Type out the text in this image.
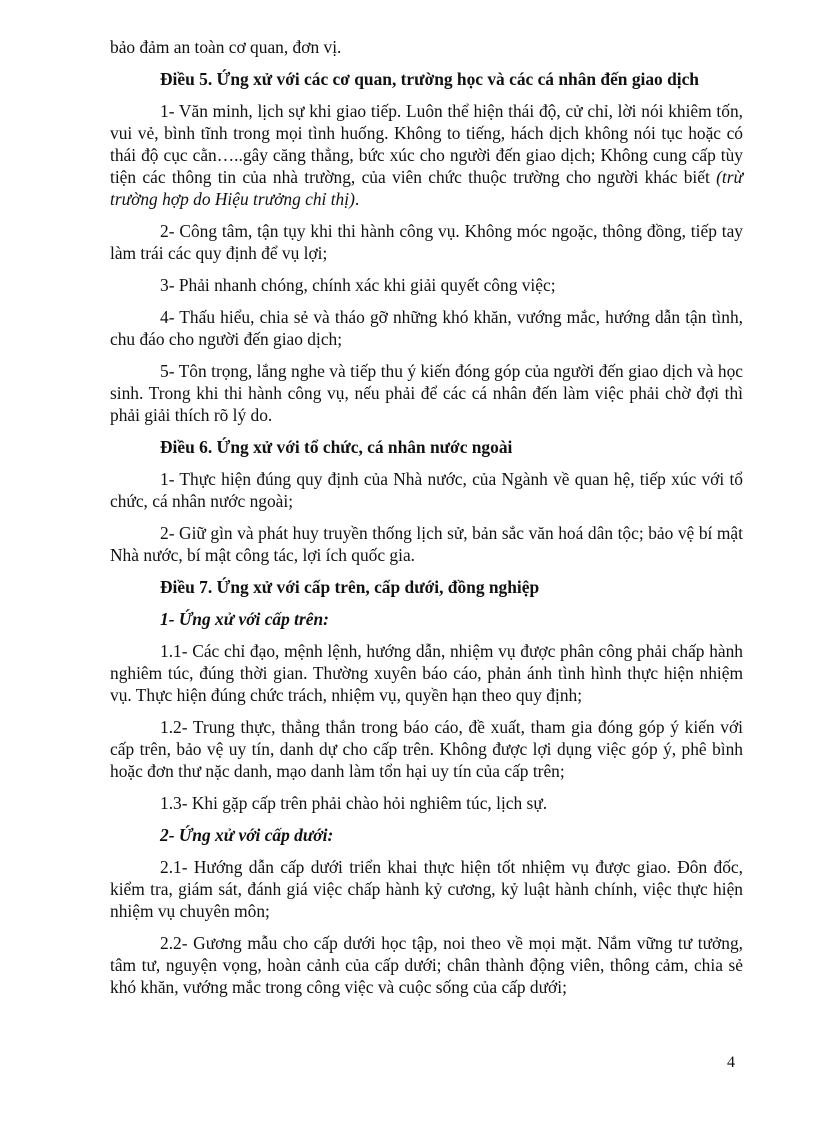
bảo đảm an toàn cơ quan, đơn vị.

Điều 5. Ứng xử với các cơ quan, trường học và các cá nhân đến giao dịch

1- Văn minh, lịch sự khi giao tiếp. Luôn thể hiện thái độ, cử chỉ, lời nói khiêm tốn, vui vẻ, bình tĩnh trong mọi tình huống. Không to tiếng, hách dịch không nói tục hoặc có thái độ cục cằn…..gây căng thẳng, bức xúc cho người đến giao dịch; Không cung cấp tùy tiện các thông tin của nhà trường, của viên chức thuộc trường cho người khác biết (trừ trường hợp do Hiệu trưởng chỉ thị).

2- Công tâm, tận tụy khi thi hành công vụ. Không móc ngoặc, thông đồng, tiếp tay làm trái các quy định để vụ lợi;

3- Phải nhanh chóng, chính xác khi giải quyết công việc;

4- Thấu hiểu, chia sẻ và tháo gỡ những khó khăn, vướng mắc, hướng dẫn tận tình, chu đáo cho người đến giao dịch;

5- Tôn trọng, lắng nghe và tiếp thu ý kiến đóng góp của người đến giao dịch và học sinh. Trong khi thi hành công vụ, nếu phải để các cá nhân đến làm việc phải chờ đợi thì phải giải thích rõ lý do.

Điều 6. Ứng xử với tổ chức, cá nhân nước ngoài

1- Thực hiện đúng quy định của Nhà nước, của Ngành về quan hệ, tiếp xúc với tổ chức, cá nhân nước ngoài;

2- Giữ gìn và phát huy truyền thống lịch sử, bản sắc văn hoá dân tộc; bảo vệ bí mật Nhà nước, bí mật công tác, lợi ích quốc gia.

Điều 7. Ứng xử với cấp trên, cấp dưới, đồng nghiệp

1- Ứng xử với cấp trên:

1.1- Các chỉ đạo, mệnh lệnh, hướng dẫn, nhiệm vụ được phân công phải chấp hành nghiêm túc, đúng thời gian. Thường xuyên báo cáo, phản ánh tình hình thực hiện nhiệm vụ. Thực hiện đúng chức trách, nhiệm vụ, quyền hạn theo quy định;

1.2- Trung thực, thẳng thắn trong báo cáo, đề xuất, tham gia đóng góp ý kiến với cấp trên, bảo vệ uy tín, danh dự cho cấp trên. Không được lợi dụng việc góp ý, phê bình hoặc đơn thư nặc danh, mạo danh làm tổn hại uy tín của cấp trên;

1.3- Khi gặp cấp trên phải chào hỏi nghiêm túc, lịch sự.

2- Ứng xử với cấp dưới:

2.1- Hướng dẫn cấp dưới triển khai thực hiện tốt nhiệm vụ được giao. Đôn đốc, kiểm tra, giám sát, đánh giá việc chấp hành kỷ cương, kỷ luật hành chính, việc thực hiện nhiệm vụ chuyên môn;

2.2- Gương mẫu cho cấp dưới học tập, noi theo về mọi mặt. Nắm vững tư tưởng, tâm tư, nguyện vọng, hoàn cảnh của cấp dưới; chân thành động viên, thông cảm, chia sẻ khó khăn, vướng mắc trong công việc và cuộc sống của cấp dưới;

4
